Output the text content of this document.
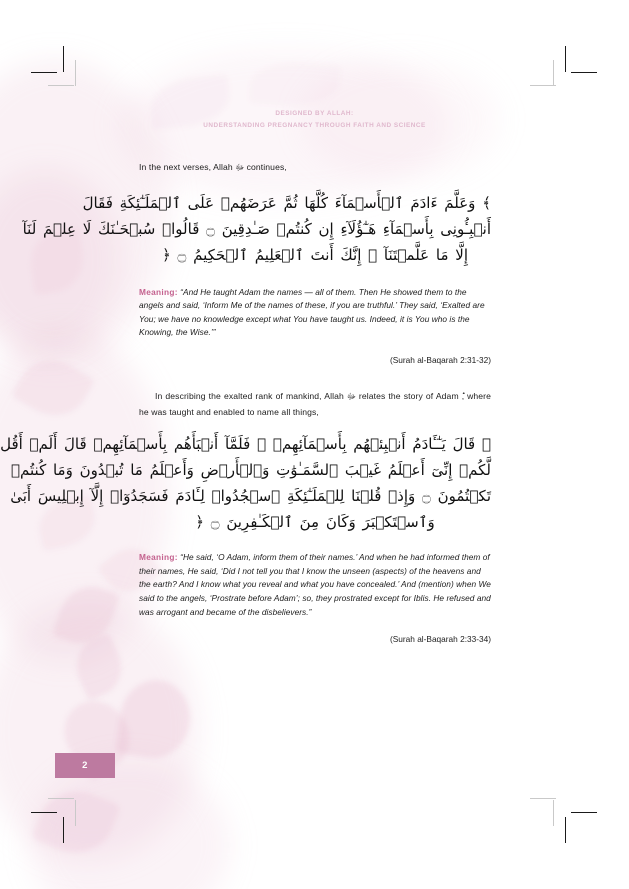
DESIGNED BY ALLAH:
UNDERSTANDING PREGNANCY THROUGH FAITH AND SCIENCE

In the next verses, Allah ﷻ continues,

﴾ وَعَلَّمَ ءَادَمَ ٱلۡأَسۡمَآءَ كُلَّهَا ثُمَّ عَرَضَهُمۡ عَلَى ٱلۡمَلَـٰٓئِكَةِ فَقَالَ
أَنۢبِـُٔونِى بِأَسۡمَآءِ هَـٰٓؤُلَآءِ إِن كُنتُمۡ صَـٰدِقِينَ ۝ قَالُوا۟ سُبۡحَـٰنَكَ لَا عِلۡمَ لَنَآ
إِلَّا مَا عَلَّمۡتَنَآ ۖ إِنَّكَ أَنتَ ٱلۡعَلِيمُ ٱلۡحَكِيمُ ۝ ﴿

Meaning: “And He taught Adam the names — all of them. Then He showed them to the angels and said, ‘Inform Me of the names of these, if you are truthful.’ They said, ‘Exalted are You; we have no knowledge except what You have taught us. Indeed, it is You who is the Knowing, the Wise.’”

(Surah al-Baqarah 2:31-32)

In describing the exalted rank of mankind, Allah ﷻ relates the story of Adam , where he was taught and enabled to name all things,

﴾ قَالَ يَـٰٓـَٔادَمُ أَنۢبِئۡهُم بِأَسۡمَآئِهِمۡ ۖ فَلَمَّآ أَنۢبَأَهُم بِأَسۡمَآئِهِمۡ قَالَ أَلَمۡ أَقُل
لَّكُمۡ إِنِّىٓ أَعۡلَمُ غَيۡبَ ٱلسَّمَـٰوَٰتِ وَٱلۡأَرۡضِ وَأَعۡلَمُ مَا تُبۡدُونَ وَمَا كُنتُمۡ
تَكۡتُمُونَ ۝ وَإِذۡ قُلۡنَا لِلۡمَلَـٰٓئِكَةِ ٱسۡجُدُوا۟ لِـَٔادَمَ فَسَجَدُوٓا۟ إِلَّآ إِبۡلِيسَ أَبَىٰ
وَٱسۡتَكۡبَرَ وَكَانَ مِنَ ٱلۡكَـٰفِرِينَ ۝ ﴿

Meaning: “He said, ‘O Adam, inform them of their names.’ And when he had informed them of their names, He said, ‘Did I not tell you that I know the unseen (aspects) of the heavens and the earth? And I know what you reveal and what you have concealed.’ And (mention) when We said to the angels, ‘Prostrate before Adam’; so, they prostrated except for Iblis. He refused and was arrogant and became of the disbelievers.”

(Surah al-Baqarah 2:33-34)

2
